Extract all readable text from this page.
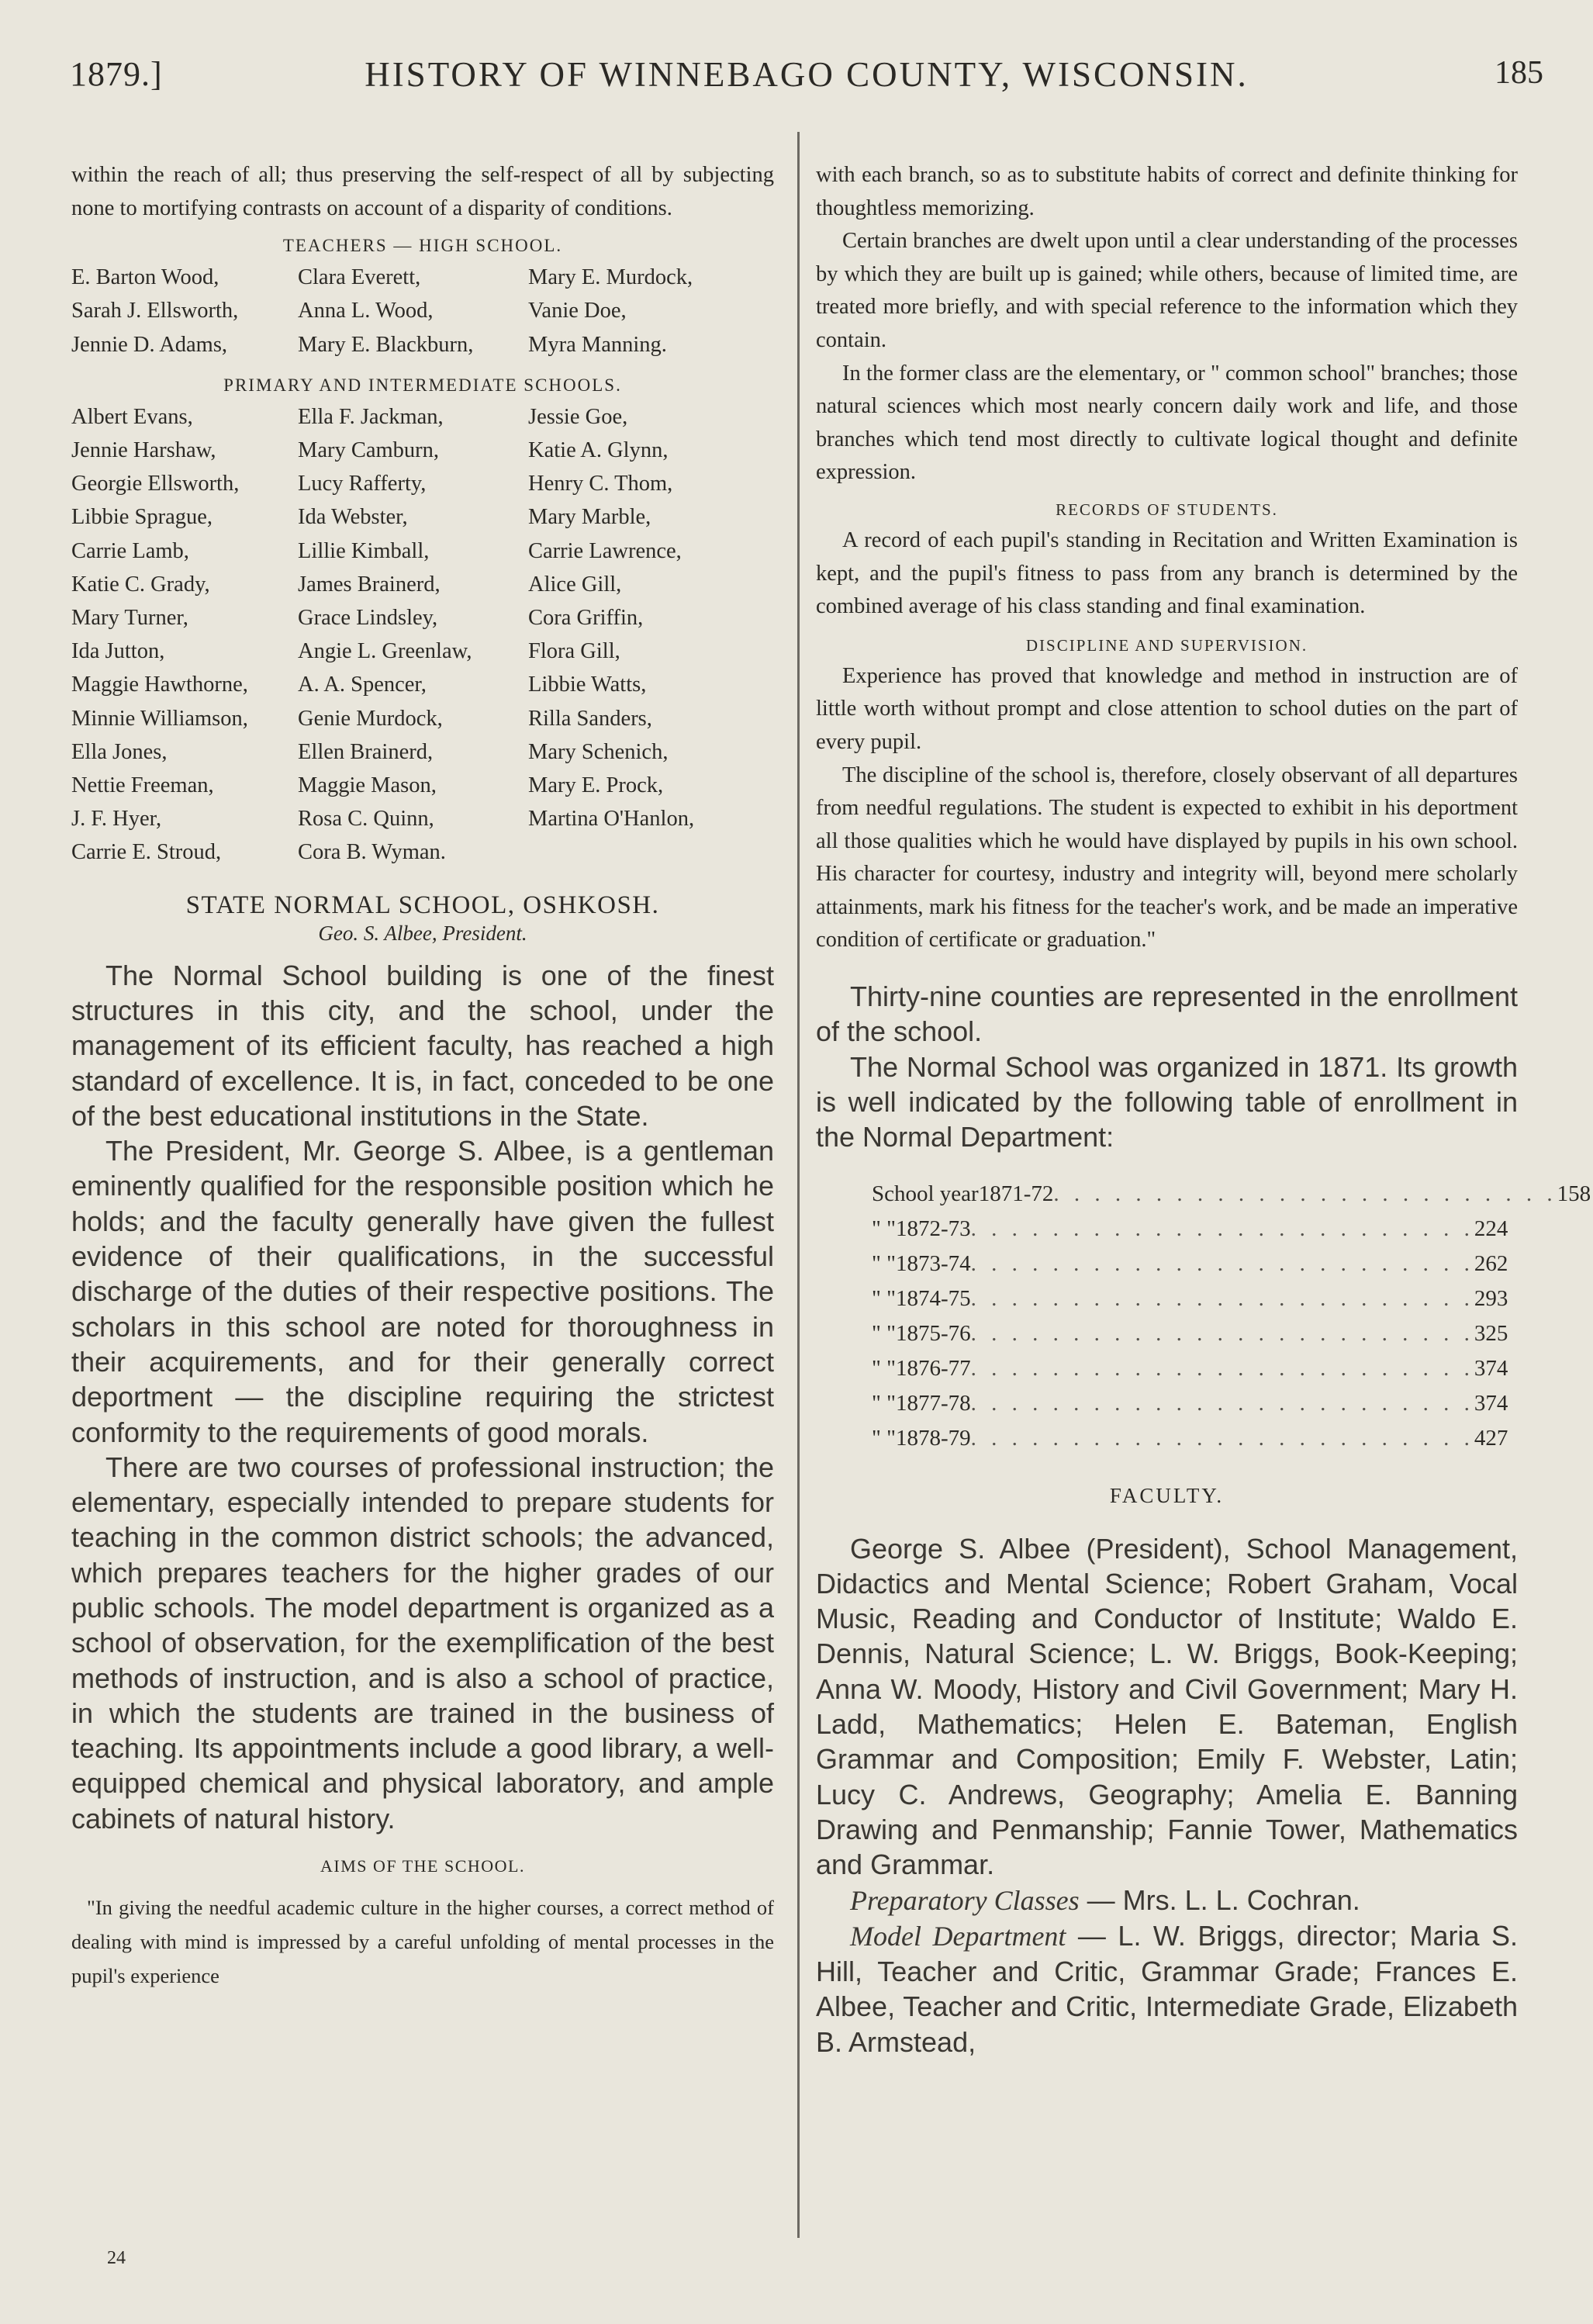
1879.]	HISTORY OF WINNEBAGO COUNTY, WISCONSIN.	185

within the reach of all; thus preserving the self-respect of all by subjecting none to mortifying contrasts on account of a disparity of conditions.

TEACHERS — HIGH SCHOOL.
E. Barton Wood,	Clara Everett,	Mary E. Murdock,
Sarah J. Ellsworth,	Anna L. Wood,	Vanie Doe,
Jennie D. Adams,	Mary E. Blackburn,	Myra Manning.
PRIMARY AND INTERMEDIATE SCHOOLS.
Albert Evans,	Ella F. Jackman,	Jessie Goe,
Jennie Harshaw,	Mary Camburn,	Katie A. Glynn,
Georgie Ellsworth,	Lucy Rafferty,	Henry C. Thom,
Libbie Sprague,	Ida Webster,	Mary Marble,
Carrie Lamb,	Lillie Kimball,	Carrie Lawrence,
Katie C. Grady,	James Brainerd,	Alice Gill,
Mary Turner,	Grace Lindsley,	Cora Griffin,
Ida Jutton,	Angie L. Greenlaw,	Flora Gill,
Maggie Hawthorne,	A. A. Spencer,	Libbie Watts,
Minnie Williamson,	Genie Murdock,	Rilla Sanders,
Ella Jones,	Ellen Brainerd,	Mary Schenich,
Nettie Freeman,	Maggie Mason,	Mary E. Prock,
J. F. Hyer,	Rosa C. Quinn,	Martina O'Hanlon,
Carrie E. Stroud,	Cora B. Wyman.
STATE NORMAL SCHOOL, OSHKOSH.
Geo. S. Albee, President.

The Normal School building is one of the finest structures in this city, and the school, under the management of its efficient faculty, has reached a high standard of excellence. It is, in fact, conceded to be one of the best educational institutions in the State.

The President, Mr. George S. Albee, is a gentleman eminently qualified for the responsible position which he holds; and the faculty generally have given the fullest evidence of their qualifications, in the successful discharge of the duties of their respective positions. The scholars in this school are noted for thoroughness in their acquirements, and for their generally correct deportment — the discipline requiring the strictest conformity to the requirements of good morals.

There are two courses of professional instruction; the elementary, especially intended to prepare students for teaching in the common district schools; the advanced, which prepares teachers for the higher grades of our public schools. The model department is organized as a school of observation, for the exemplification of the best methods of instruction, and is also a school of practice, in which the students are trained in the business of teaching. Its appointments include a good library, a well-equipped chemical and physical laboratory, and ample cabinets of natural history.

AIMS OF THE SCHOOL.

"In giving the needful academic culture in the higher courses, a correct method of dealing with mind is impressed by a careful unfolding of mental processes in the pupil's experience

24

with each branch, so as to substitute habits of correct and definite thinking for thoughtless memorizing.

Certain branches are dwelt upon until a clear understanding of the processes by which they are built up is gained; while others, because of limited time, are treated more briefly, and with special reference to the information which they contain.

In the former class are the elementary, or " common school" branches; those natural sciences which most nearly concern daily work and life, and those branches which tend most directly to cultivate logical thought and definite expression.

RECORDS OF STUDENTS.

A record of each pupil's standing in Recitation and Written Examination is kept, and the pupil's fitness to pass from any branch is determined by the combined average of his class standing and final examination.

DISCIPLINE AND SUPERVISION.

Experience has proved that knowledge and method in instruction are of little worth without prompt and close attention to school duties on the part of every pupil.

The discipline of the school is, therefore, closely observant of all departures from needful regulations. The student is expected to exhibit in his deportment all those qualities which he would have displayed by pupils in his own school. His character for courtesy, industry and integrity will, beyond mere scholarly attainments, mark his fitness for the teacher's work, and be made an imperative condition of certificate or graduation."

Thirty-nine counties are represented in the enrollment of the school.

The Normal School was organized in 1871. Its growth is well indicated by the following table of enrollment in the Normal Department:

School year 1871-72 . . . . . . . . . . . . . . . . . . . . . . . . . 158
" " 1872-73 . . . . . . . . . . . . . . . . . . . . . . . . . 224
" " 1873-74 . . . . . . . . . . . . . . . . . . . . . . . . . 262
" " 1874-75 . . . . . . . . . . . . . . . . . . . . . . . . . 293
" " 1875-76 . . . . . . . . . . . . . . . . . . . . . . . . . 325
" " 1876-77 . . . . . . . . . . . . . . . . . . . . . . . . . 374
" " 1877-78 . . . . . . . . . . . . . . . . . . . . . . . . . 374
" " 1878-79 . . . . . . . . . . . . . . . . . . . . . . . . . 427
FACULTY.

George S. Albee (President), School Management, Didactics and Mental Science; Robert Graham, Vocal Music, Reading and Conductor of Institute; Waldo E. Dennis, Natural Science; L. W. Briggs, Book-Keeping; Anna W. Moody, History and Civil Government; Mary H. Ladd, Mathematics; Helen E. Bateman, English Grammar and Composition; Emily F. Webster, Latin; Lucy C. Andrews, Geography; Amelia E. Banning Drawing and Penmanship; Fannie Tower, Mathematics and Grammar.

Preparatory Classes — Mrs. L. L. Cochran.

Model Department — L. W. Briggs, director; Maria S. Hill, Teacher and Critic, Grammar Grade; Frances E. Albee, Teacher and Critic, Intermediate Grade, Elizabeth B. Armstead,
